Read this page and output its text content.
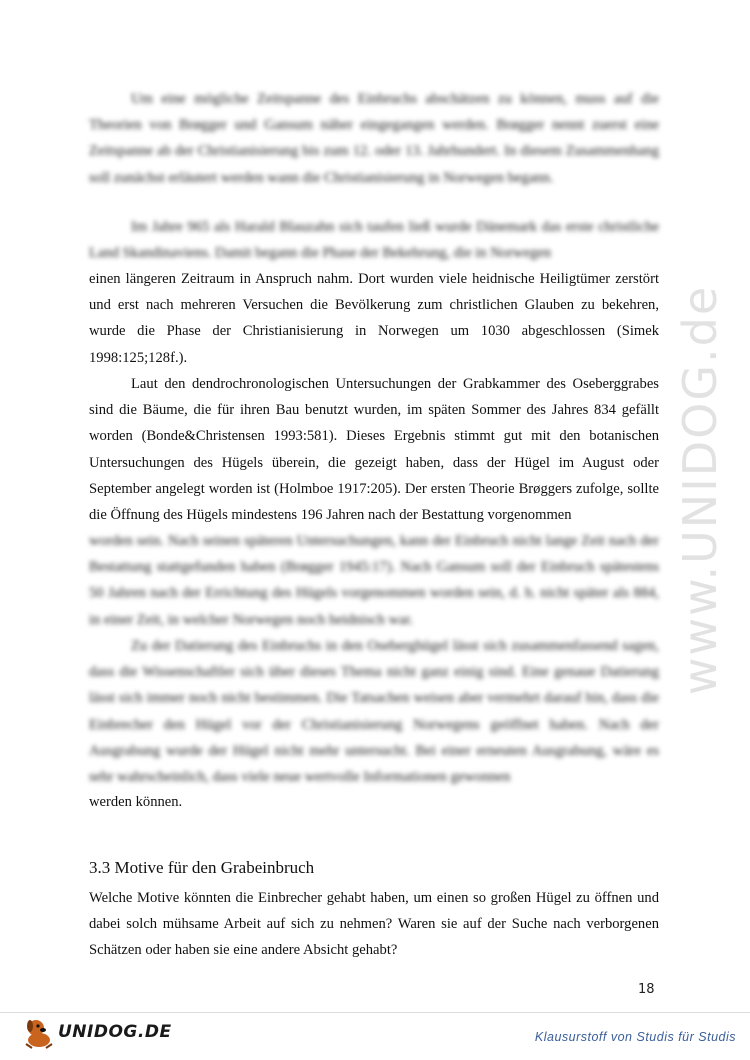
Um eine mögliche Zeitspanne des Einbruchs abschätzen zu können, muss auf die Theorien von Brøgger und Gansum näher eingegangen werden. Brøgger nennt zuerst eine Zeitspanne ab der Christianisierung bis zum 12. oder 13. Jahrhundert. In diesem Zusammenhang soll zunächst erläutert werden wann die Christianisierung in Norwegen begann.

Im Jahre 965 als Harald Blauzahn sich taufen ließ wurde Dänemark das erste christliche Land Skandinaviens. Damit begann die Phase der Bekehrung, die in Norwegen

einen längeren Zeitraum in Anspruch nahm. Dort wurden viele heidnische Heiligtümer zerstört und erst nach mehreren Versuchen die Bevölkerung zum christlichen Glauben zu bekehren, wurde die Phase der Christianisierung in Norwegen um 1030 abgeschlossen (Simek 1998:125;128f.).

Laut den dendrochronologischen Untersuchungen der Grabkammer des Oseberggrabes sind die Bäume, die für ihren Bau benutzt wurden, im späten Sommer des Jahres 834 gefällt worden (Bonde&Christensen 1993:581). Dieses Ergebnis stimmt gut mit den botanischen Untersuchungen des Hügels überein, die gezeigt haben, dass der Hügel im August oder September angelegt worden ist (Holmboe 1917:205). Der ersten Theorie Brøggers zufolge, sollte die Öffnung des Hügels mindestens 196 Jahren nach der Bestattung vorgenommen

worden sein. Nach seinen späteren Untersuchungen, kann der Einbruch nicht lange Zeit nach der Bestattung stattgefunden haben (Brøgger 1945:17). Nach Gansum soll der Einbruch spätestens 50 Jahren nach der Errichtung des Hügels vorgenommen worden sein, d. h. nicht später als 884, in einer Zeit, in welcher Norwegen noch heidnisch war.

Zu der Datierung des Einbruchs in den Oseberghügel lässt sich zusammenfassend sagen, dass die Wissenschaftler sich über dieses Thema nicht ganz einig sind. Eine genaue Datierung lässt sich immer noch nicht bestimmen. Die Tatsachen weisen aber vermehrt darauf hin, dass die Einbrecher den Hügel vor der Christianisierung Norwegens geöffnet haben. Nach der Ausgrabung wurde der Hügel nicht mehr untersucht. Bei einer erneuten Ausgrabung, wäre es sehr wahrscheinlich, dass viele neue wertvolle Informationen gewonnen

werden können.

3.3 Motive für den Grabeinbruch

Welche Motive könnten die Einbrecher gehabt haben, um einen so großen Hügel zu öffnen und dabei solch mühsame Arbeit auf sich zu nehmen? Waren sie auf der Suche nach verborgenen Schätzen oder haben sie eine andere Absicht gehabt?

www.UNIDOG.de
18
UNIDOG.DE	Klausurstoff von Studis für Studis
